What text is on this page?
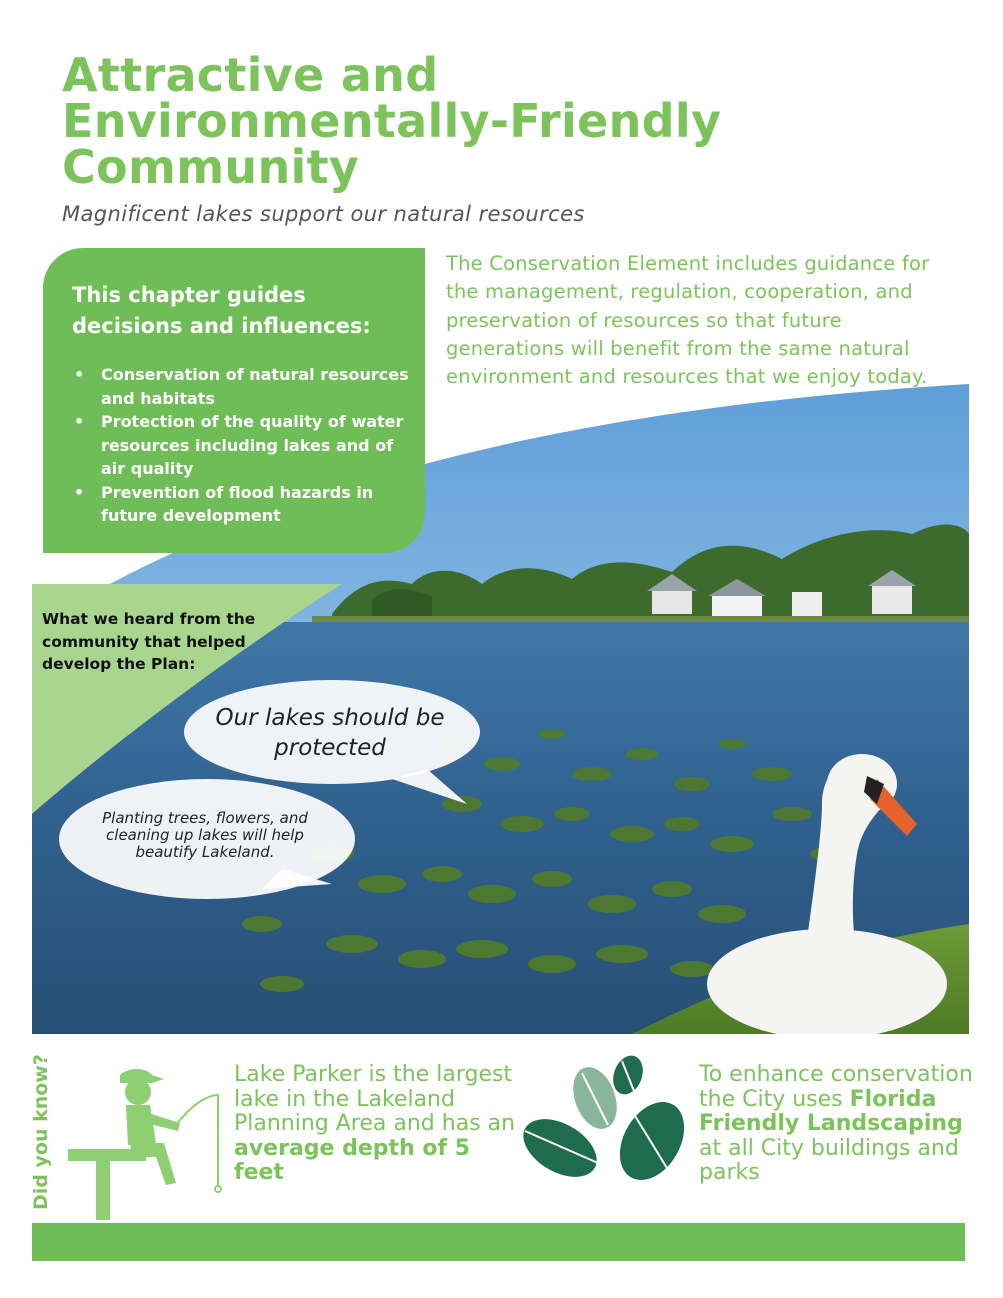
Attractive and
Environmentally-Friendly
Community
Magnificent lakes support our natural resources
This chapter guides decisions and influences:
• Conservation of natural resources and habitats
• Protection of the quality of water resources including lakes and of air quality
• Prevention of flood hazards in future development
The Conservation Element includes guidance for the management, regulation, cooperation, and preservation of resources so that future generations will benefit from the same natural environment and resources that we enjoy today.
What we heard from the community that helped develop the Plan:
Our lakes should be protected
Planting trees, flowers, and cleaning up lakes will help beautify Lakeland.
Did you know?	Lake Parker is the largest lake in the Lakeland Planning Area and has an average depth of 5 feet
To enhance conservation the City uses Florida Friendly Landscaping at all City buildings and parks
